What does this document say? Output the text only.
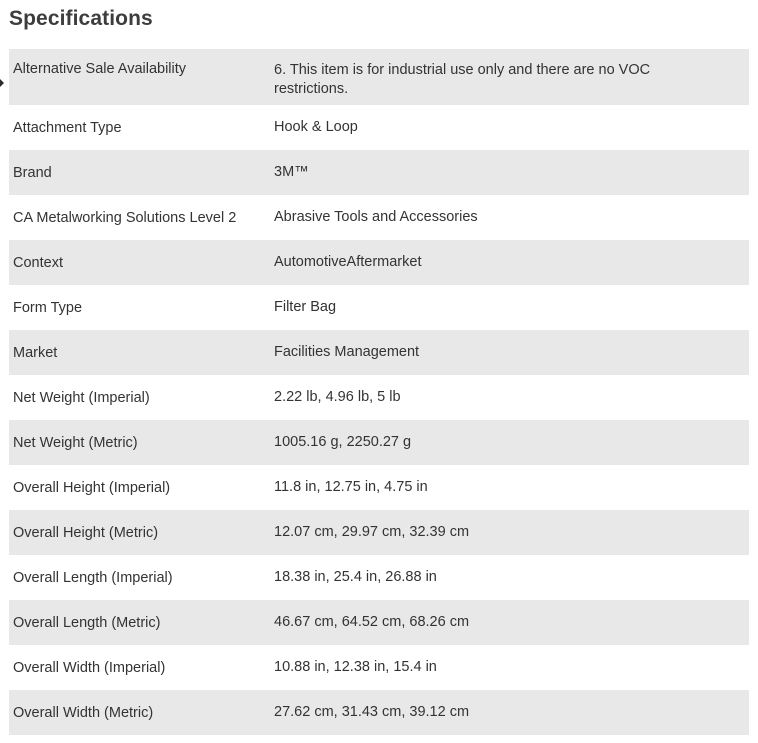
Specifications
Alternative Sale Availability	6. This item is for industrial use only and there are no VOC restrictions.
Attachment Type	Hook & Loop
Brand	3M™
CA Metalworking Solutions Level 2	Abrasive Tools and Accessories
Context	AutomotiveAftermarket
Form Type	Filter Bag
Market	Facilities Management
Net Weight (Imperial)	2.22 lb, 4.96 lb, 5 lb
Net Weight (Metric)	1005.16 g, 2250.27 g
Overall Height (Imperial)	11.8 in, 12.75 in, 4.75 in
Overall Height (Metric)	12.07 cm, 29.97 cm, 32.39 cm
Overall Length (Imperial)	18.38 in, 25.4 in, 26.88 in
Overall Length (Metric)	46.67 cm, 64.52 cm, 68.26 cm
Overall Width (Imperial)	10.88 in, 12.38 in, 15.4 in
Overall Width (Metric)	27.62 cm, 31.43 cm, 39.12 cm
